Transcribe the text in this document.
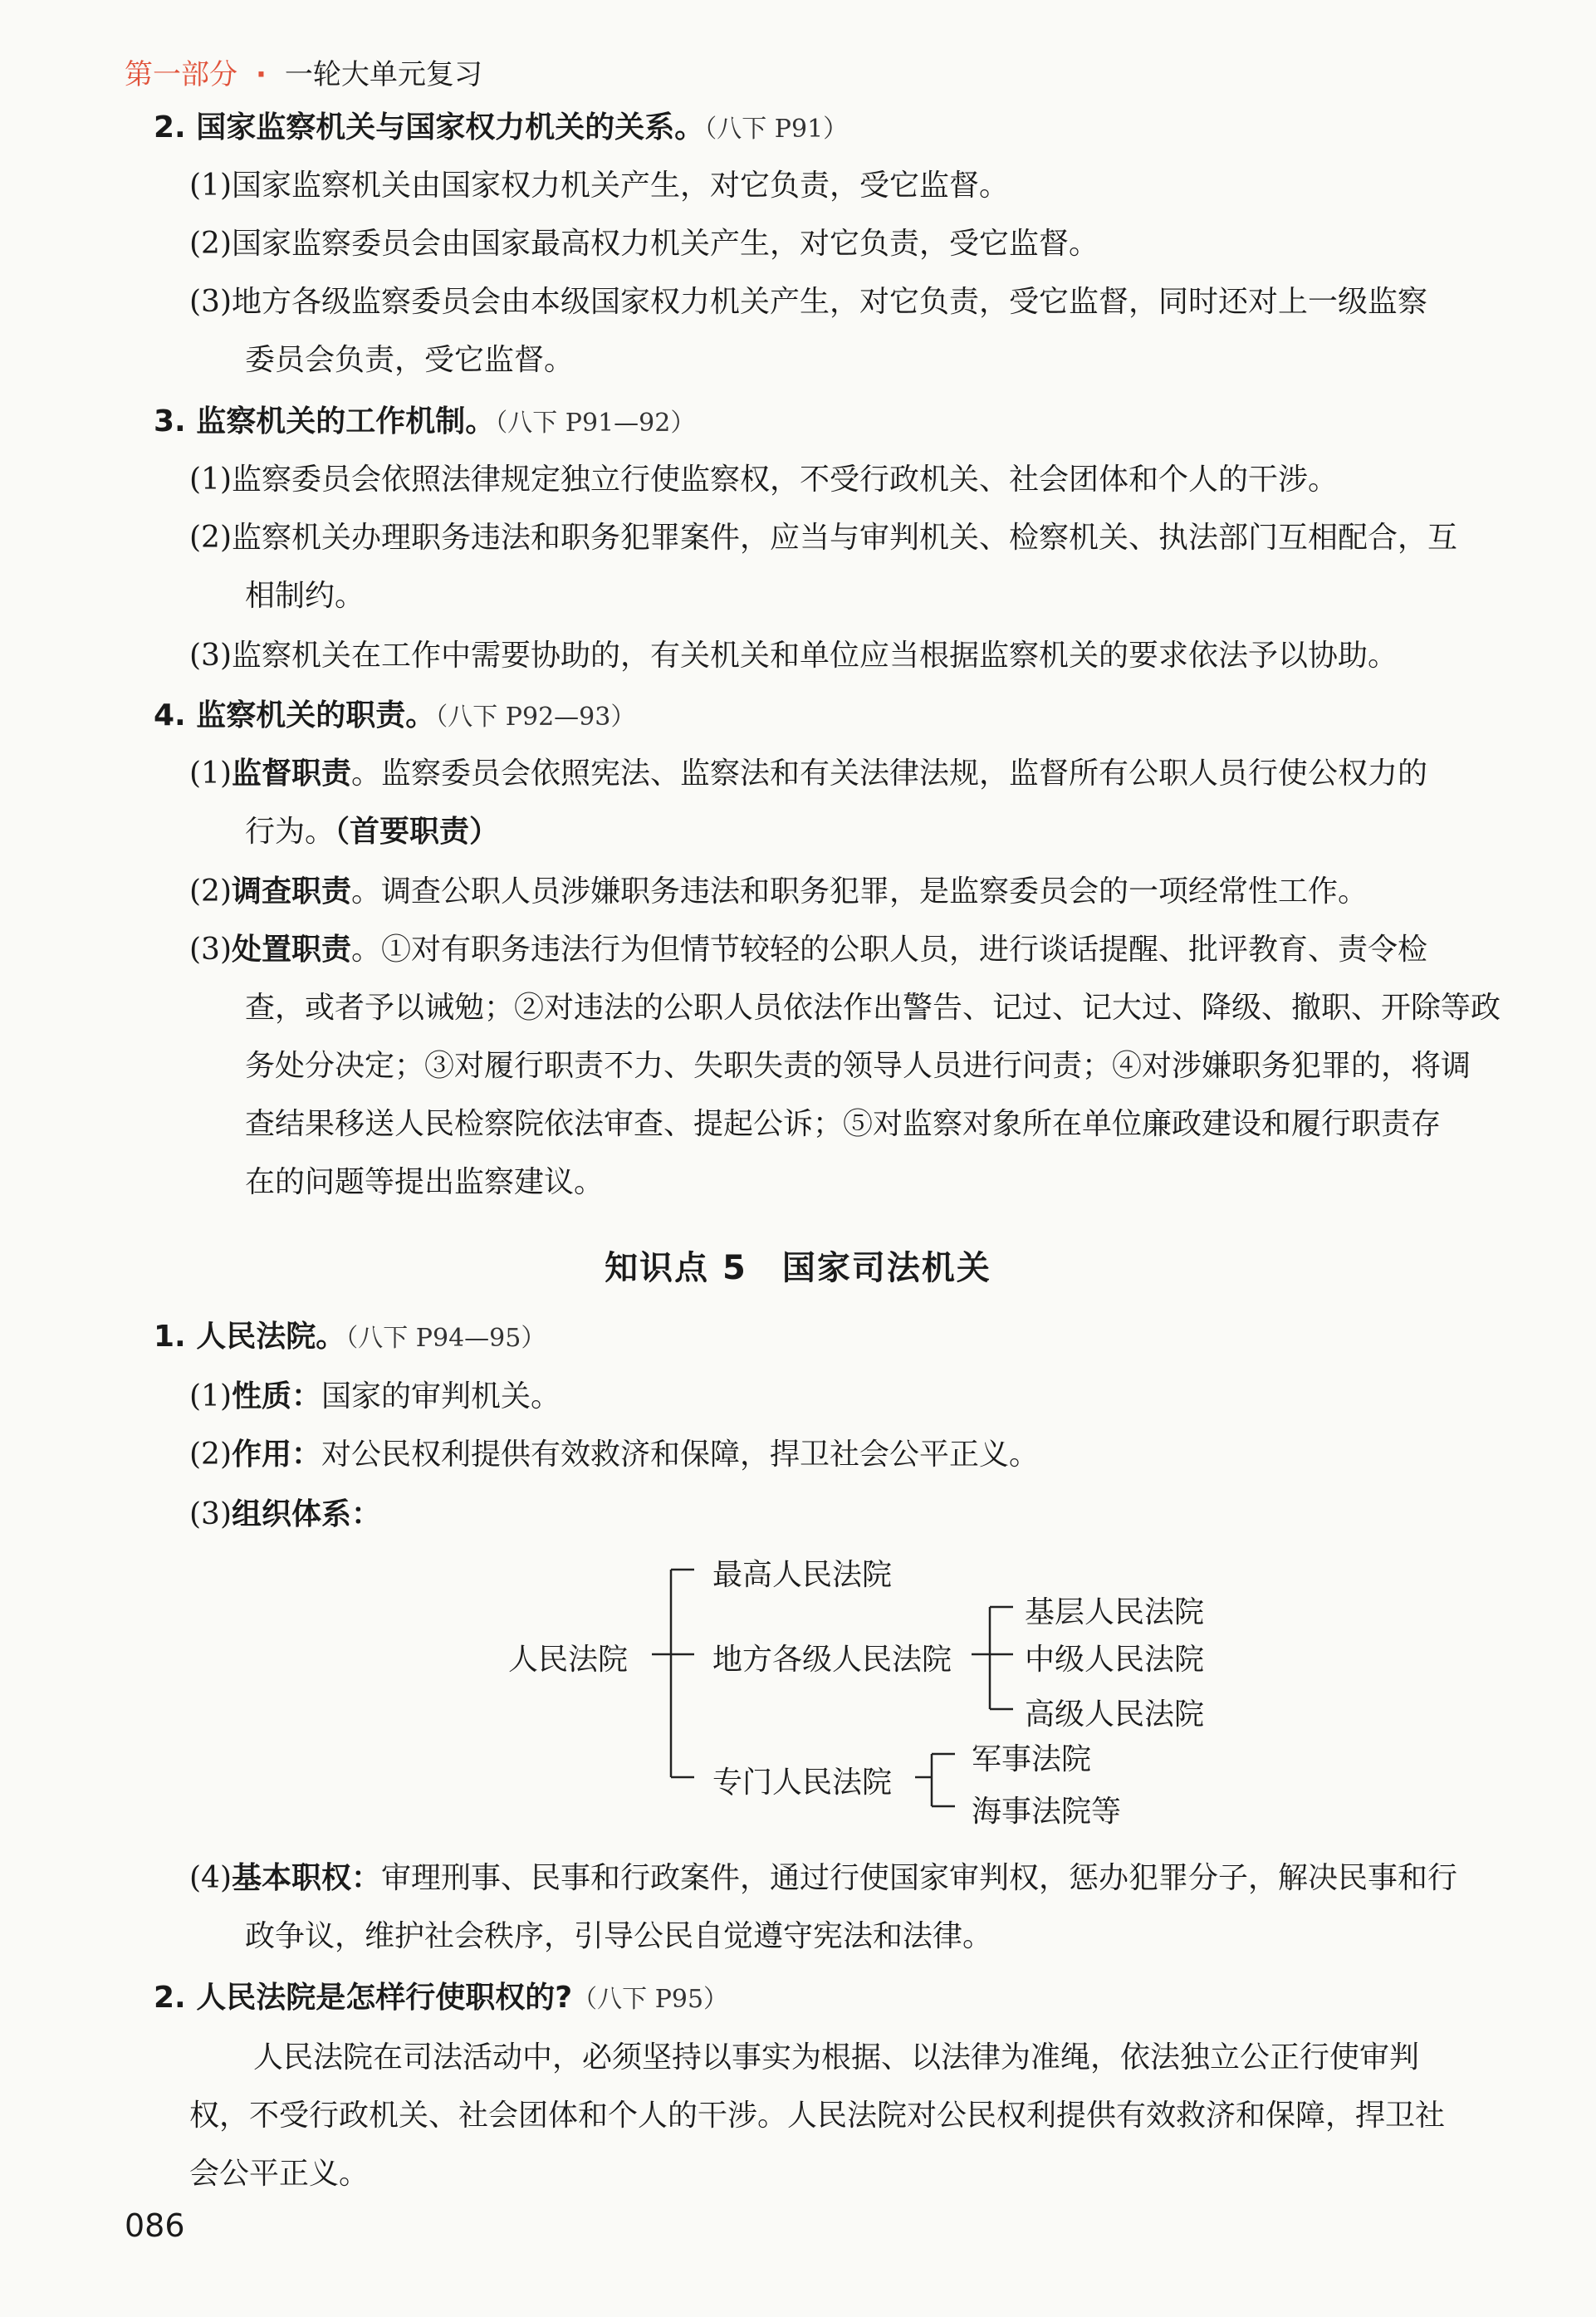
第一部分 · 一轮大单元复习
2. 国家监察机关与国家权力机关的关系。（八下 P91）
(1)国家监察机关由国家权力机关产生，对它负责，受它监督。
(2)国家监察委员会由国家最高权力机关产生，对它负责，受它监督。
(3)地方各级监察委员会由本级国家权力机关产生，对它负责，受它监督，同时还对上一级监察
委员会负责，受它监督。
3. 监察机关的工作机制。（八下 P91—92）
(1)监察委员会依照法律规定独立行使监察权，不受行政机关、社会团体和个人的干涉。
(2)监察机关办理职务违法和职务犯罪案件，应当与审判机关、检察机关、执法部门互相配合，互
相制约。
(3)监察机关在工作中需要协助的，有关机关和单位应当根据监察机关的要求依法予以协助。
4. 监察机关的职责。（八下 P92—93）
(1)监督职责。监察委员会依照宪法、监察法和有关法律法规，监督所有公职人员行使公权力的
行为。（首要职责）
(2)调查职责。调查公职人员涉嫌职务违法和职务犯罪，是监察委员会的一项经常性工作。
(3)处置职责。①对有职务违法行为但情节较轻的公职人员，进行谈话提醒、批评教育、责令检
查，或者予以诫勉；②对违法的公职人员依法作出警告、记过、记大过、降级、撤职、开除等政
务处分决定；③对履行职责不力、失职失责的领导人员进行问责；④对涉嫌职务犯罪的，将调
查结果移送人民检察院依法审查、提起公诉；⑤对监察对象所在单位廉政建设和履行职责存
在的问题等提出监察建议。
知识点 5　国家司法机关
1. 人民法院。（八下 P94—95）
(1)性质：国家的审判机关。
(2)作用：对公民权利提供有效救济和保障，捍卫社会公平正义。
(3)组织体系：
人民法院
最高人民法院
地方各级人民法院
基层人民法院
中级人民法院
高级人民法院
专门人民法院
军事法院
海事法院等
(4)基本职权：审理刑事、民事和行政案件，通过行使国家审判权，惩办犯罪分子，解决民事和行
政争议，维护社会秩序，引导公民自觉遵守宪法和法律。
2. 人民法院是怎样行使职权的?（八下 P95）
人民法院在司法活动中，必须坚持以事实为根据、以法律为准绳，依法独立公正行使审判
权，不受行政机关、社会团体和个人的干涉。人民法院对公民权利提供有效救济和保障，捍卫社
会公平正义。
086
